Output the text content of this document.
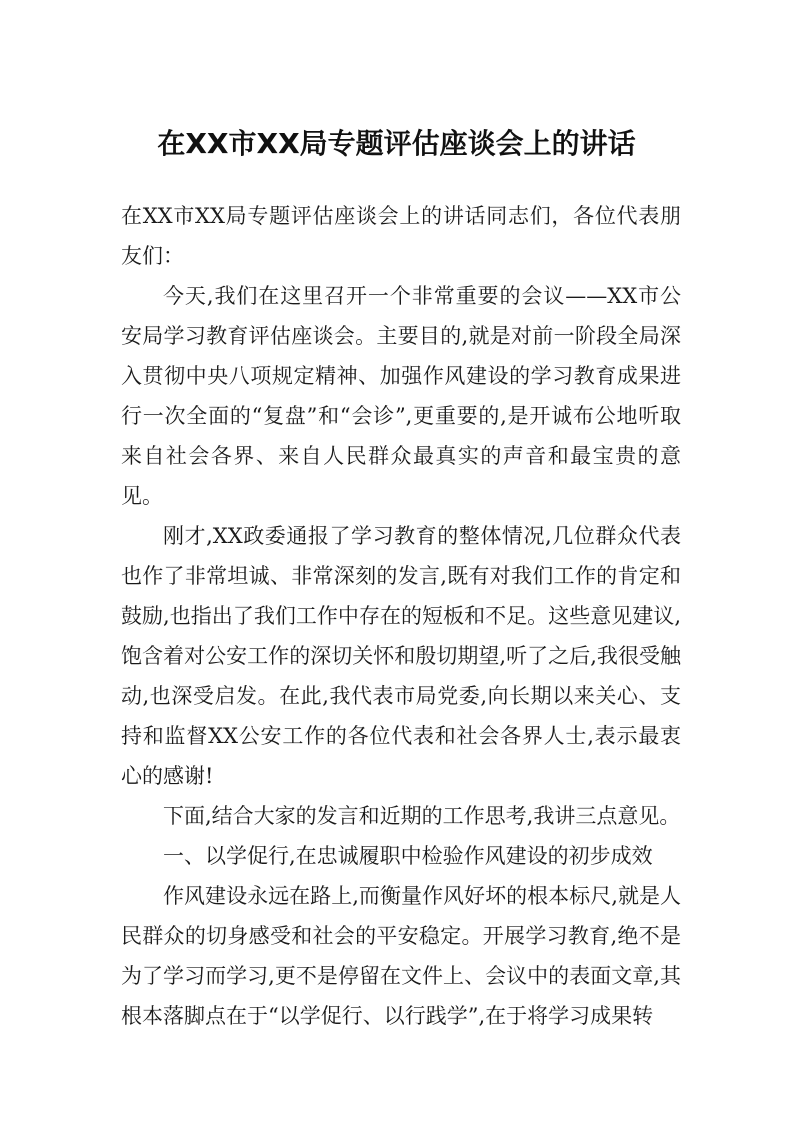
在XX市XX局专题评估座谈会上的讲话

在XX市XX局专题评估座谈会上的讲话同志们，各位代表朋友们：

今天,我们在这里召开一个非常重要的会议——XX市公安局学习教育评估座谈会。主要目的,就是对前一阶段全局深入贯彻中央八项规定精神、加强作风建设的学习教育成果进行一次全面的“复盘”和“会诊”,更重要的,是开诚布公地听取来自社会各界、来自人民群众最真实的声音和最宝贵的意见。

刚才,XX政委通报了学习教育的整体情况,几位群众代表也作了非常坦诚、非常深刻的发言,既有对我们工作的肯定和鼓励,也指出了我们工作中存在的短板和不足。这些意见建议,饱含着对公安工作的深切关怀和殷切期望,听了之后,我很受触动,也深受启发。在此,我代表市局党委,向长期以来关心、支持和监督XX公安工作的各位代表和社会各界人士,表示最衷心的感谢!

下面,结合大家的发言和近期的工作思考,我讲三点意见。

一、以学促行,在忠诚履职中检验作风建设的初步成效

作风建设永远在路上,而衡量作风好坏的根本标尺,就是人民群众的切身感受和社会的平安稳定。开展学习教育,绝不是为了学习而学习,更不是停留在文件上、会议中的表面文章,其根本落脚点在于“以学促行、以行践学”,在于将学习成果转
